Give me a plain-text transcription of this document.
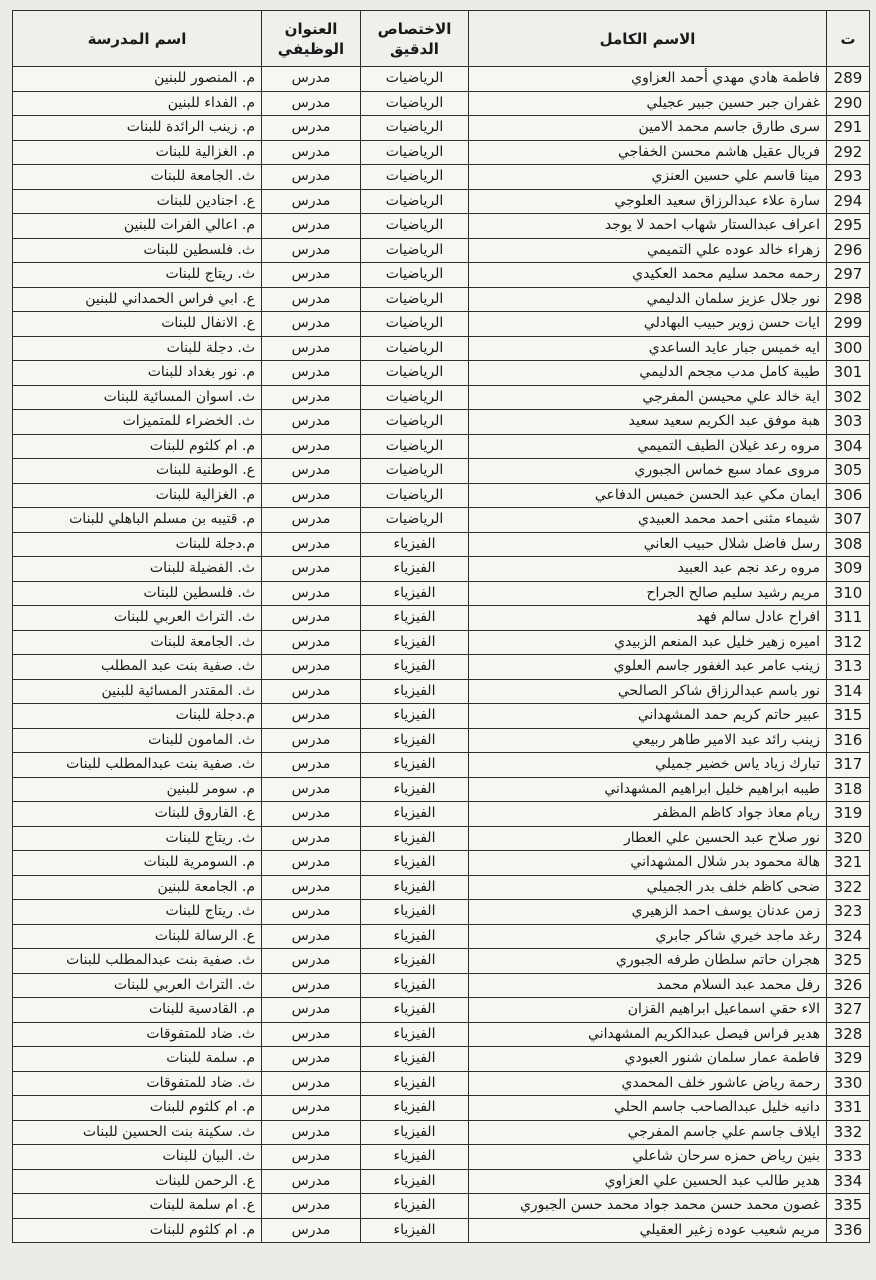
ت	الاسم الكامل	الاختصاص الدقيق	العنوان الوظيفي	اسم المدرسة
289	فاطمة هادي مهدي أحمد العزاوي	الرياضيات	مدرس	م. المنصور للبنين
290	غفران جبر حسين جبير عجيلي	الرياضيات	مدرس	م. الفداء للبنين
291	سرى طارق جاسم محمد الامين	الرياضيات	مدرس	م. زينب الرائدة للبنات
292	فريال عقيل هاشم محسن الخفاجي	الرياضيات	مدرس	م. الغزالية للبنات
293	مينا قاسم علي حسين العنزي	الرياضيات	مدرس	ث. الجامعة للبنات
294	سارة علاء عبدالرزاق سعيد العلوجي	الرياضيات	مدرس	ع. اجنادين للبنات
295	اعراف عبدالستار شهاب احمد لا يوجد	الرياضيات	مدرس	م. اعالي الفرات للبنين
296	زهراء خالد عوده علي التميمي	الرياضيات	مدرس	ث. فلسطين للبنات
297	رحمه محمد سليم محمد العكيدي	الرياضيات	مدرس	ث. ريتاج للبنات
298	نور جلال عزيز سلمان الدليمي	الرياضيات	مدرس	ع. ابي فراس الحمداني للبنين
299	ايات حسن زوير حبيب البهادلي	الرياضيات	مدرس	ع. الانفال للبنات
300	ايه خميس جبار عايد الساعدي	الرياضيات	مدرس	ث. دجلة للبنات
301	طيبة كامل مدب مجحم الدليمي	الرياضيات	مدرس	م. نور بغداد للبنات
302	اية خالد علي محيسن المفرجي	الرياضيات	مدرس	ث. اسوان المسائية للبنات
303	هبة موفق عبد الكريم سعيد سعيد	الرياضيات	مدرس	ث. الخضراء للمتميزات
304	مروه رعد غيلان الطيف التميمي	الرياضيات	مدرس	م. ام كلثوم للبنات
305	مروى عماد سبع خماس الجبوري	الرياضيات	مدرس	ع. الوطنية للبنات
306	ايمان مكي عبد الحسن خميس الدفاعي	الرياضيات	مدرس	م. الغزالية للبنات
307	شيماء مثنى احمد محمد العبيدي	الرياضيات	مدرس	م. قتيبه بن مسلم الباهلي للبنات
308	رسل فاضل شلال حبيب العاني	الفيزياء	مدرس	م.دجلة للبنات
309	مروه رعد نجم عبد العبيد	الفيزياء	مدرس	ث. الفضيلة للبنات
310	مريم رشيد سليم صالح الجراح	الفيزياء	مدرس	ث. فلسطين للبنات
311	افراح عادل سالم فهد	الفيزياء	مدرس	ث. التراث العربي للبنات
312	اميره زهير خليل عبد المنعم الزبيدي	الفيزياء	مدرس	ث. الجامعة للبنات
313	زينب عامر عبد الغفور جاسم العلوي	الفيزياء	مدرس	ث. صفية بنت عبد المطلب
314	نور باسم عبدالرزاق شاكر الصالحي	الفيزياء	مدرس	ث. المقتدر المسائية للبنين
315	عبير حاتم كريم حمد المشهداني	الفيزياء	مدرس	م.دجلة للبنات
316	زينب رائد عبد الامير طاهر ربيعي	الفيزياء	مدرس	ث. المامون للبنات
317	تبارك زياد ياس خضير جميلي	الفيزياء	مدرس	ث. صفية بنت عبدالمطلب للبنات
318	طيبه ابراهيم خليل ابراهيم المشهداني	الفيزياء	مدرس	م. سومر للبنين
319	ريام معاذ جواد كاظم المظفر	الفيزياء	مدرس	ع. الفاروق للبنات
320	نور صلاح عبد الحسين علي العطار	الفيزياء	مدرس	ث. ريتاج للبنات
321	هالة محمود بدر شلال المشهداني	الفيزياء	مدرس	م. السومرية للبنات
322	ضحى كاظم خلف بدر الجميلي	الفيزياء	مدرس	م. الجامعة للبنين
323	زمن عدنان يوسف احمد الزهيري	الفيزياء	مدرس	ث. ريتاج للبنات
324	رغد ماجد خيري شاكر جابري	الفيزياء	مدرس	ع. الرسالة للبنات
325	هجران حاتم سلطان طرفه الجبوري	الفيزياء	مدرس	ث. صفية بنت عبدالمطلب للبنات
326	رفل محمد عبد السلام محمد	الفيزياء	مدرس	ث. التراث العربي للبنات
327	الاء حقي اسماعيل ابراهيم القزان	الفيزياء	مدرس	م. القادسية للبنات
328	هدير فراس فيصل عبدالكريم المشهداني	الفيزياء	مدرس	ث. ضاد للمتفوقات
329	فاطمة عمار سلمان شنور العبودي	الفيزياء	مدرس	م. سلمة للبنات
330	رحمة رياض عاشور خلف المحمدي	الفيزياء	مدرس	ث. ضاد للمتفوقات
331	دانيه خليل عبدالصاحب جاسم الحلي	الفيزياء	مدرس	م. ام كلثوم للبنات
332	ايلاف جاسم علي جاسم المفرجي	الفيزياء	مدرس	ث. سكينة بنت الحسين للبنات
333	بنين رياض حمزه سرحان شاعلي	الفيزياء	مدرس	ث. البيان للبنات
334	هدير طالب عبد الحسين علي العزاوي	الفيزياء	مدرس	ع. الرحمن للبنات
335	غصون محمد حسن محمد جواد محمد حسن الجبوري	الفيزياء	مدرس	ع. ام سلمة للبنات
336	مريم شعيب عوده زغير العقيلي	الفيزياء	مدرس	م. ام كلثوم للبنات
